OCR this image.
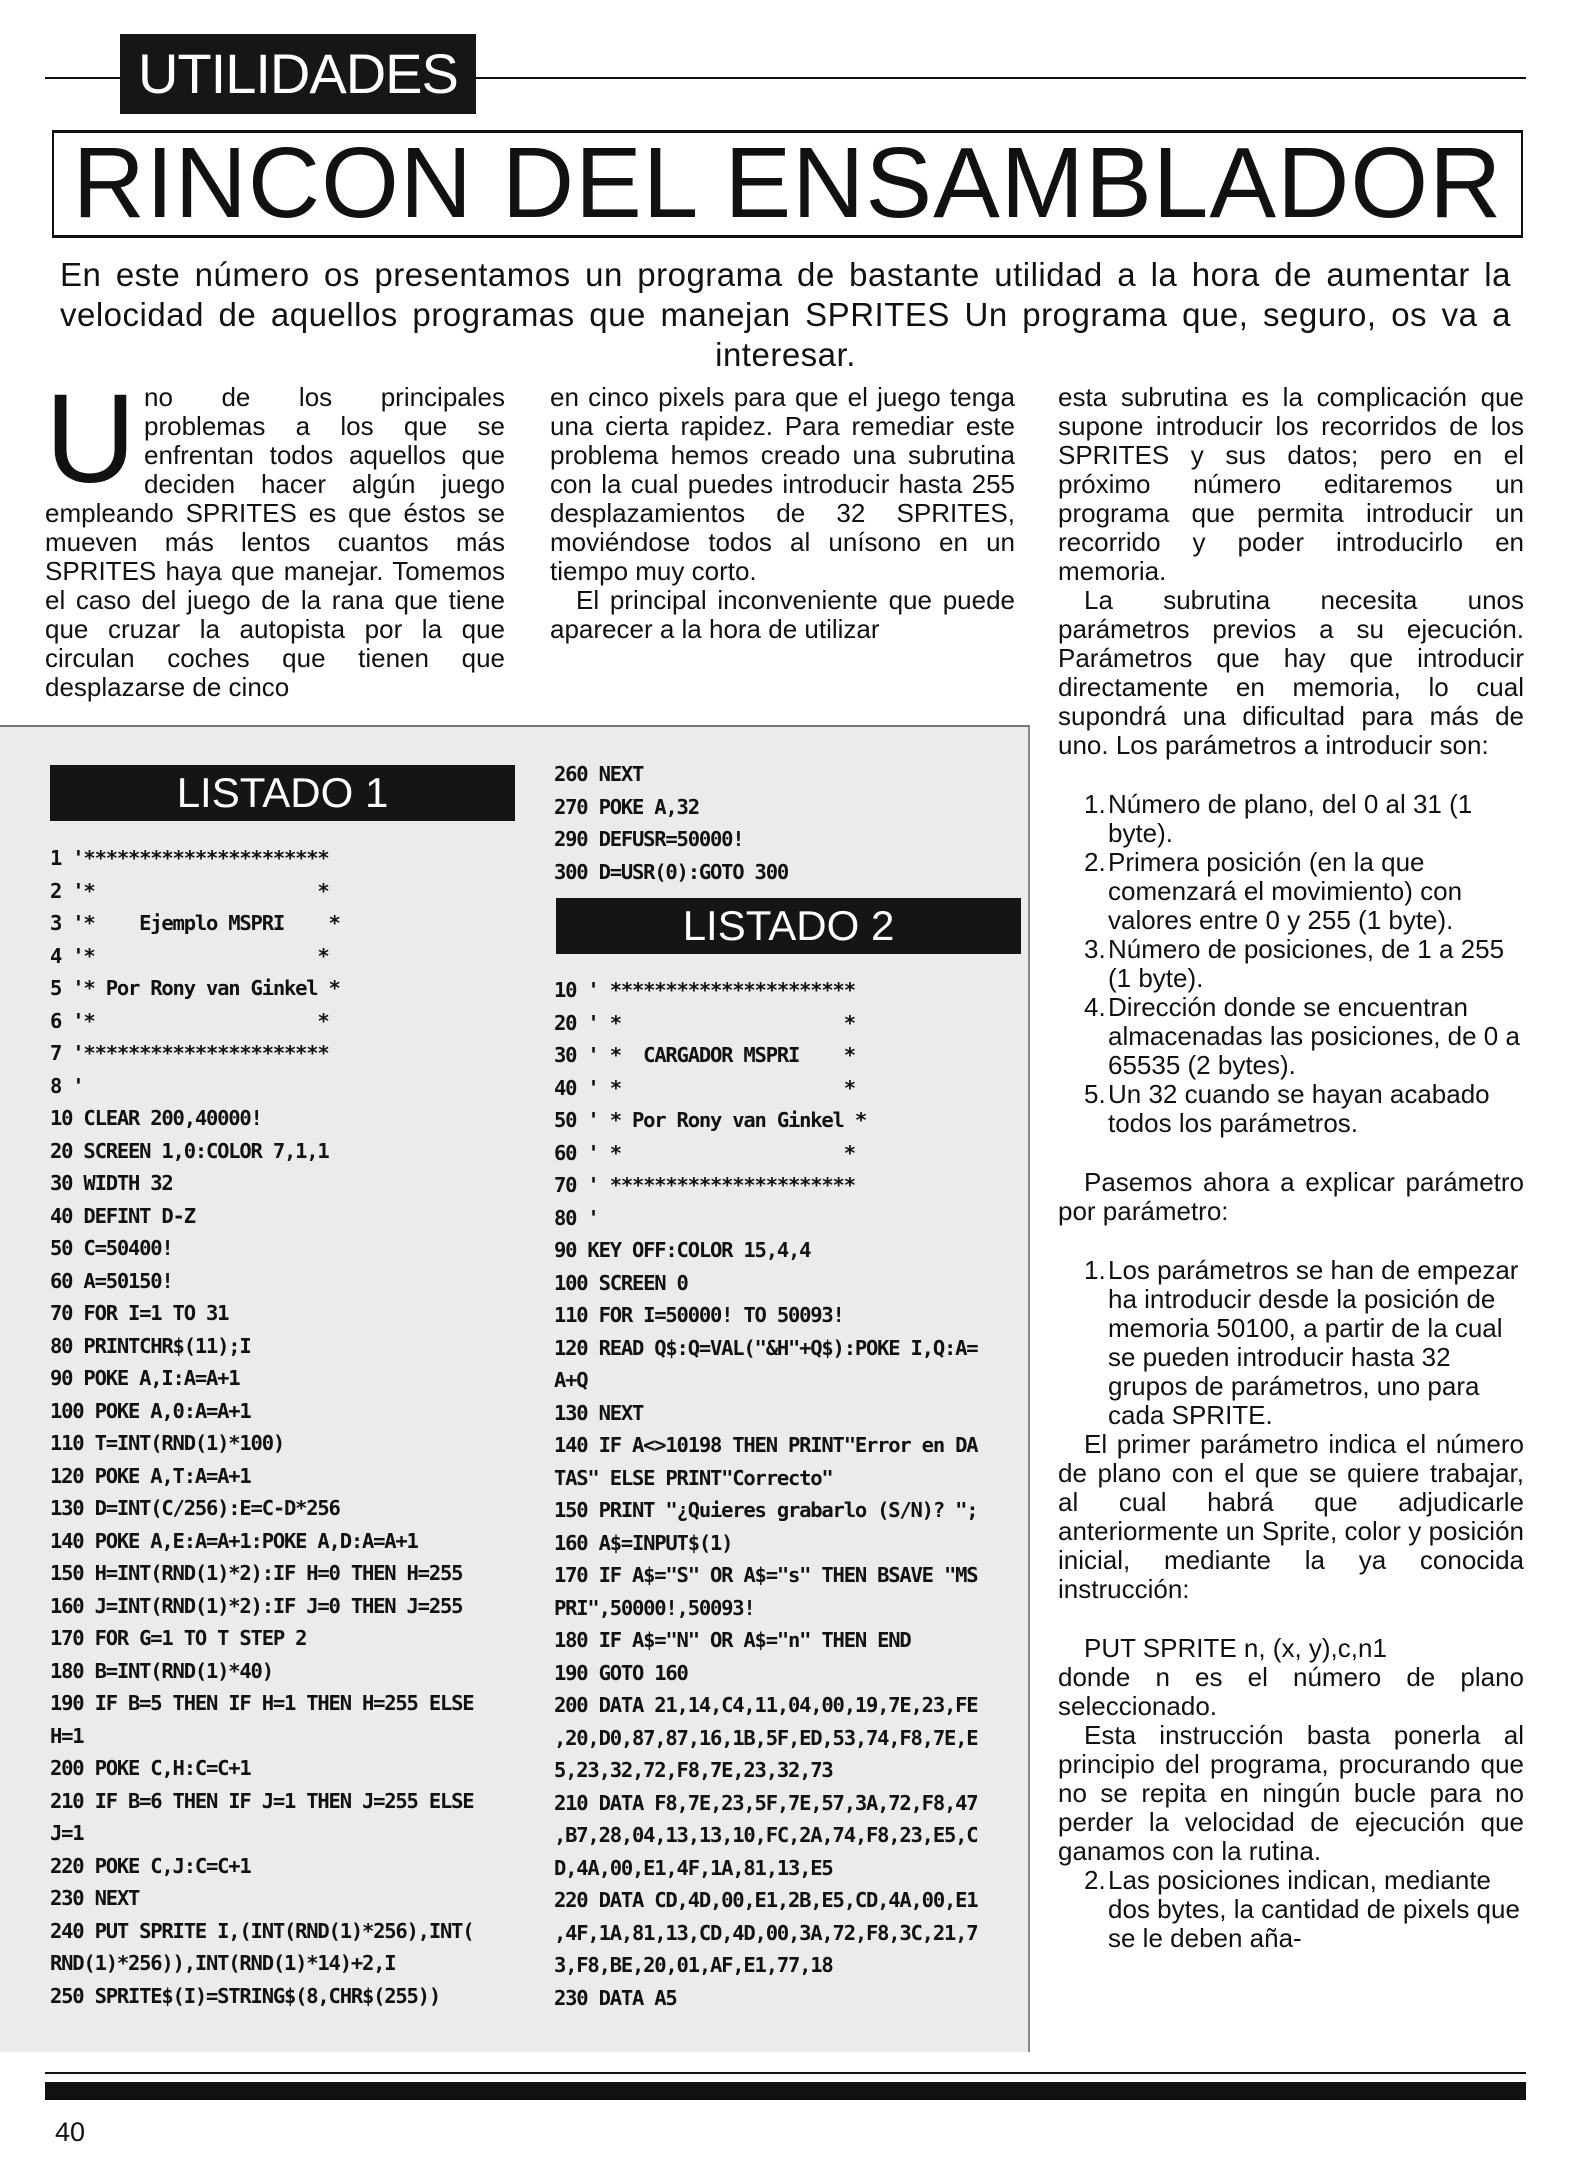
UTILIDADES
RINCON DEL ENSAMBLADOR
En este número os presentamos un programa de bastante utilidad a la hora de aumentar la velocidad de aquellos programas que manejan SPRITES Un programa que, seguro, os va a interesar.

Uno de los principales problemas a los que se enfrentan todos aquellos que deciden hacer algún juego empleando SPRITES es que éstos se mueven más lentos cuantos más SPRITES haya que manejar. Tomemos el caso del juego de la rana que tiene que cruzar la autopista por la que circulan coches que tienen que desplazarse de cinco

en cinco pixels para que el juego tenga una cierta rapidez. Para remediar este problema hemos creado una subrutina con la cual puedes introducir hasta 255 desplazamientos de 32 SPRITES, moviéndose todos al unísono en un tiempo muy corto.

El principal inconveniente que puede aparecer a la hora de utilizar

esta subrutina es la complicación que supone introducir los recorridos de los SPRITES y sus datos; pero en el próximo número editaremos un programa que permita introducir un recorrido y poder introducirlo en memoria.

La subrutina necesita unos parámetros previos a su ejecución. Parámetros que hay que introducir directamente en memoria, lo cual supondrá una dificultad para más de uno. Los parámetros a introducir son:

1. Número de plano, del 0 al 31 (1 byte).
2. Primera posición (en la que comenzará el movimiento) con valores entre 0 y 255 (1 byte).
3. Número de posiciones, de 1 a 255 (1 byte).
4. Dirección donde se encuentran almacenadas las posiciones, de 0 a 65535 (2 bytes).
5. Un 32 cuando se hayan acabado todos los parámetros.

Pasemos ahora a explicar parámetro por parámetro:

1. Los parámetros se han de empezar ha introducir desde la posición de memoria 50100, a partir de la cual se pueden introducir hasta 32 grupos de parámetros, uno para cada SPRITE.

El primer parámetro indica el número de plano con el que se quiere trabajar, al cual habrá que adjudicarle anteriormente un Sprite, color y posición inicial, mediante la ya conocida instrucción:

PUT SPRITE n, (x, y),c,n1

donde n es el número de plano seleccionado.

Esta instrucción basta ponerla al principio del programa, procurando que no se repita en ningún bucle para no perder la velocidad de ejecución que ganamos con la rutina.

2. Las posiciones indican, mediante dos bytes, la cantidad de pixels que se le deben aña-
LISTADO 1
1 '**********************
2 '*                    *
3 '*    Ejemplo MSPRI    *
4 '*                    *
5 '* Por Rony van Ginkel *
6 '*                    *
7 '**********************
8 '
10 CLEAR 200,40000!
20 SCREEN 1,0:COLOR 7,1,1
30 WIDTH 32
40 DEFINT D-Z
50 C=50400!
60 A=50150!
70 FOR I=1 TO 31
80 PRINTCHR$(11);I
90 POKE A,I:A=A+1
100 POKE A,0:A=A+1
110 T=INT(RND(1)*100)
120 POKE A,T:A=A+1
130 D=INT(C/256):E=C-D*256
140 POKE A,E:A=A+1:POKE A,D:A=A+1
150 H=INT(RND(1)*2):IF H=0 THEN H=255
160 J=INT(RND(1)*2):IF J=0 THEN J=255
170 FOR G=1 TO T STEP 2
180 B=INT(RND(1)*40)
190 IF B=5 THEN IF H=1 THEN H=255 ELSE
H=1
200 POKE C,H:C=C+1
210 IF B=6 THEN IF J=1 THEN J=255 ELSE
J=1
220 POKE C,J:C=C+1
230 NEXT
240 PUT SPRITE I,(INT(RND(1)*256),INT(
RND(1)*256)),INT(RND(1)*14)+2,I
250 SPRITE$(I)=STRING$(8,CHR$(255))
260 NEXT
270 POKE A,32
290 DEFUSR=50000!
300 D=USR(0):GOTO 300
LISTADO 2
10 ' **********************
20 ' *                    *
30 ' *  CARGADOR MSPRI    *
40 ' *                    *
50 ' * Por Rony van Ginkel *
60 ' *                    *
70 ' **********************
80 '
90 KEY OFF:COLOR 15,4,4
100 SCREEN 0
110 FOR I=50000! TO 50093!
120 READ Q$:Q=VAL("&H"+Q$):POKE I,Q:A=
A+Q
130 NEXT
140 IF A<>10198 THEN PRINT"Error en DA
TAS" ELSE PRINT"Correcto"
150 PRINT "¿Quieres grabarlo (S/N)? ";
160 A$=INPUT$(1)
170 IF A$="S" OR A$="s" THEN BSAVE "MS
PRI",50000!,50093!
180 IF A$="N" OR A$="n" THEN END
190 GOTO 160
200 DATA 21,14,C4,11,04,00,19,7E,23,FE
,20,D0,87,87,16,1B,5F,ED,53,74,F8,7E,E
5,23,32,72,F8,7E,23,32,73
210 DATA F8,7E,23,5F,7E,57,3A,72,F8,47
,B7,28,04,13,13,10,FC,2A,74,F8,23,E5,C
D,4A,00,E1,4F,1A,81,13,E5
220 DATA CD,4D,00,E1,2B,E5,CD,4A,00,E1
,4F,1A,81,13,CD,4D,00,3A,72,F8,3C,21,7
3,F8,BE,20,01,AF,E1,77,18
230 DATA A5
40
